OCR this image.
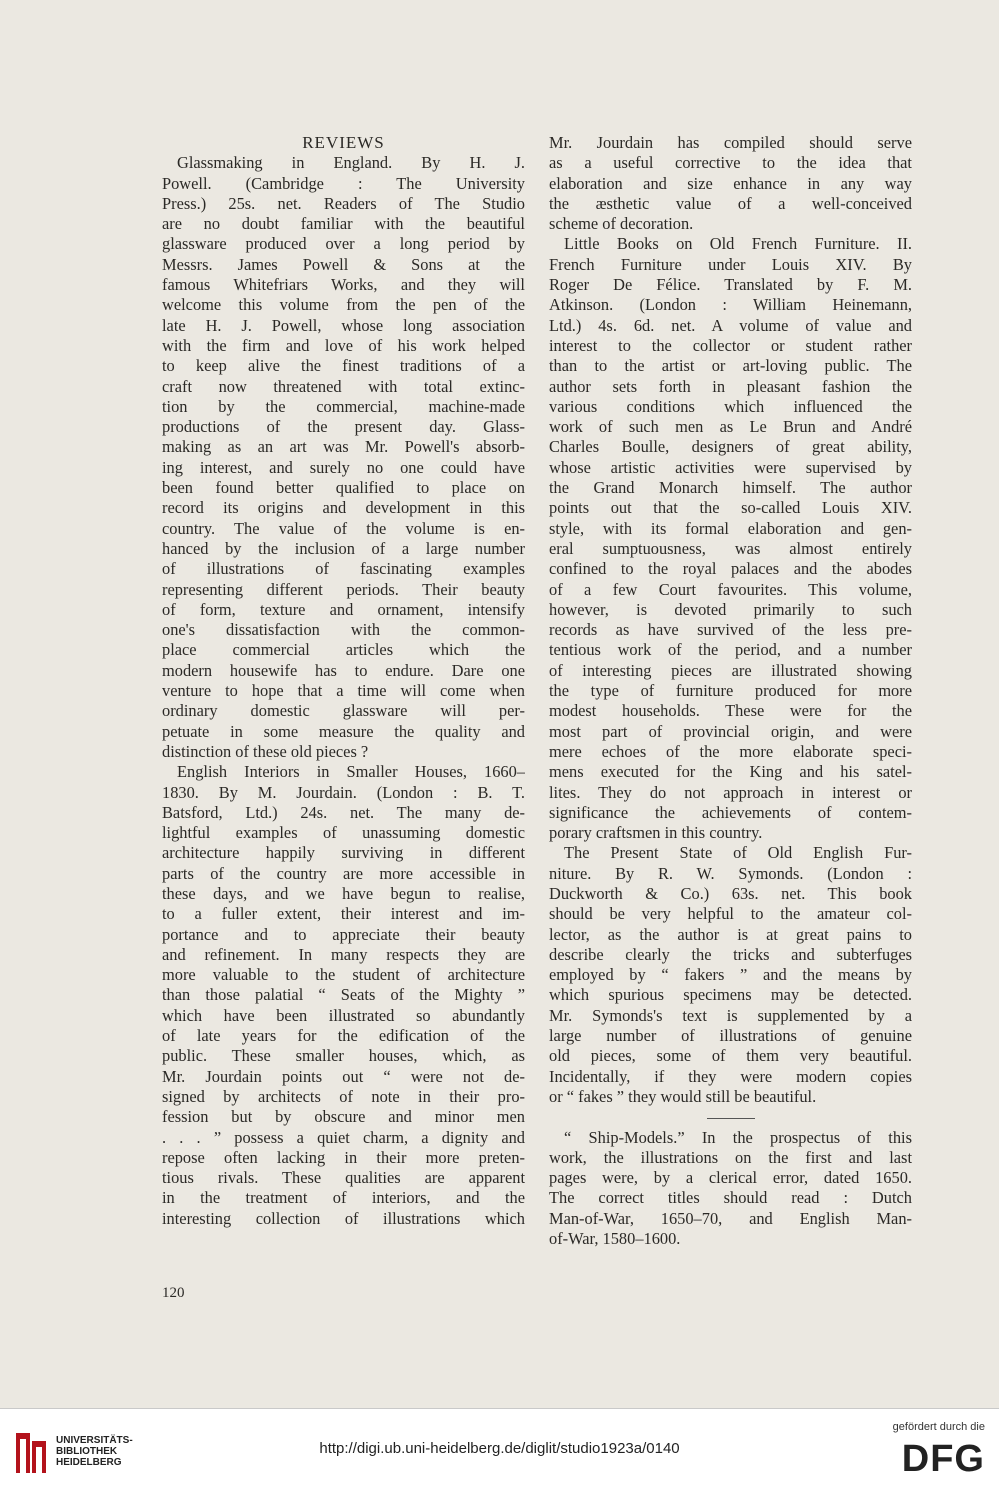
REVIEWS
Glassmaking in England. By H. J.
Powell. (Cambridge : The University
Press.) 25s. net. Readers of The Studio
are no doubt familiar with the beautiful
glassware produced over a long period by
Messrs. James Powell & Sons at the
famous Whitefriars Works, and they will
welcome this volume from the pen of the
late H. J. Powell, whose long association
with the firm and love of his work helped
to keep alive the finest traditions of a
craft now threatened with total extinc-
tion by the commercial, machine-made
productions of the present day. Glass-
making as an art was Mr. Powell's absorb-
ing interest, and surely no one could have
been found better qualified to place on
record its origins and development in this
country. The value of the volume is en-
hanced by the inclusion of a large number
of illustrations of fascinating examples
representing different periods. Their beauty
of form, texture and ornament, intensify
one's dissatisfaction with the common-
place commercial articles which the
modern housewife has to endure. Dare one
venture to hope that a time will come when
ordinary domestic glassware will per-
petuate in some measure the quality and
distinction of these old pieces ?
English Interiors in Smaller Houses, 1660–
1830. By M. Jourdain. (London : B. T.
Batsford, Ltd.) 24s. net. The many de-
lightful examples of unassuming domestic
architecture happily surviving in different
parts of the country are more accessible in
these days, and we have begun to realise,
to a fuller extent, their interest and im-
portance and to appreciate their beauty
and refinement. In many respects they are
more valuable to the student of architecture
than those palatial “ Seats of the Mighty ”
which have been illustrated so abundantly
of late years for the edification of the
public. These smaller houses, which, as
Mr. Jourdain points out “ were not de-
signed by architects of note in their pro-
fession but by obscure and minor men
. . . ” possess a quiet charm, a dignity and
repose often lacking in their more preten-
tious rivals. These qualities are apparent
in the treatment of interiors, and the
interesting collection of illustrations which
Mr. Jourdain has compiled should serve
as a useful corrective to the idea that
elaboration and size enhance in any way
the æsthetic value of a well-conceived
scheme of decoration.
Little Books on Old French Furniture. II.
French Furniture under Louis XIV. By
Roger De Félice. Translated by F. M.
Atkinson. (London : William Heinemann,
Ltd.) 4s. 6d. net. A volume of value and
interest to the collector or student rather
than to the artist or art-loving public. The
author sets forth in pleasant fashion the
various conditions which influenced the
work of such men as Le Brun and André
Charles Boulle, designers of great ability,
whose artistic activities were supervised by
the Grand Monarch himself. The author
points out that the so-called Louis XIV.
style, with its formal elaboration and gen-
eral sumptuousness, was almost entirely
confined to the royal palaces and the abodes
of a few Court favourites. This volume,
however, is devoted primarily to such
records as have survived of the less pre-
tentious work of the period, and a number
of interesting pieces are illustrated showing
the type of furniture produced for more
modest households. These were for the
most part of provincial origin, and were
mere echoes of the more elaborate speci-
mens executed for the King and his satel-
lites. They do not approach in interest or
significance the achievements of contem-
porary craftsmen in this country.
The Present State of Old English Fur-
niture. By R. W. Symonds. (London :
Duckworth & Co.) 63s. net. This book
should be very helpful to the amateur col-
lector, as the author is at great pains to
describe clearly the tricks and subterfuges
employed by “ fakers ” and the means by
which spurious specimens may be detected.
Mr. Symonds's text is supplemented by a
large number of illustrations of genuine
old pieces, some of them very beautiful.
Incidentally, if they were modern copies
or “ fakes ” they would still be beautiful.
“ Ship-Models.” In the prospectus of this
work, the illustrations on the first and last
pages were, by a clerical error, dated 1650.
The correct titles should read : Dutch
Man-of-War, 1650–70, and English Man-
of-War, 1580–1600.
120
UNIVERSITÄTS-
BIBLIOTHEK
HEIDELBERG
http://digi.ub.uni-heidelberg.de/diglit/studio1923a/0140
gefördert durch die
DFG
